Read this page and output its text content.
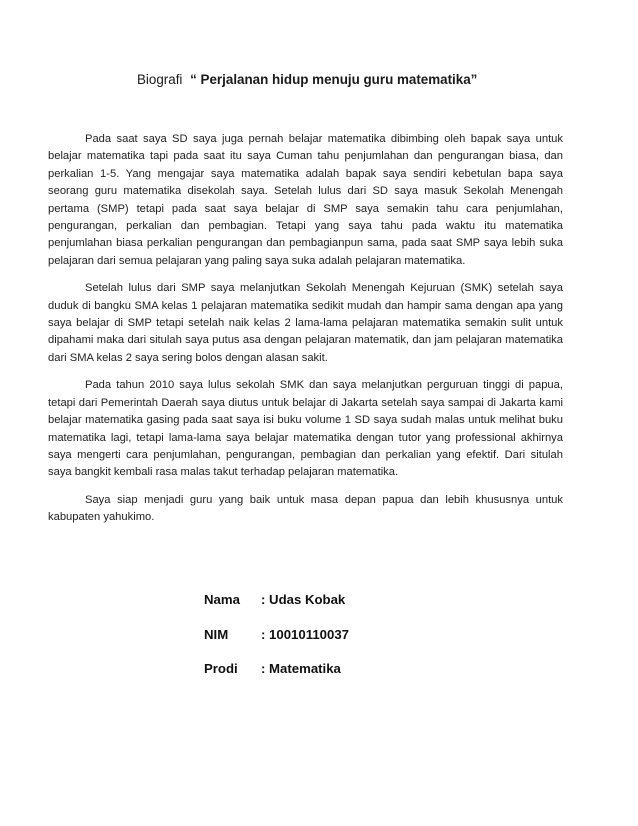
Biografi “ Perjalanan hidup menuju guru matematika”

Pada saat saya SD saya juga pernah belajar matematika dibimbing oleh bapak saya untuk belajar matematika tapi pada saat itu saya Cuman tahu penjumlahan dan pengurangan biasa, dan perkalian 1-5. Yang mengajar saya matematika adalah bapak saya sendiri kebetulan bapa saya seorang guru matematika disekolah saya. Setelah lulus dari SD saya masuk Sekolah Menengah pertama (SMP) tetapi pada saat saya belajar di SMP saya semakin tahu cara penjumlahan, pengurangan, perkalian dan pembagian. Tetapi yang saya tahu pada waktu itu matematika penjumlahan biasa perkalian pengurangan dan pembagianpun sama, pada saat SMP saya lebih suka pelajaran dari semua pelajaran yang paling saya suka adalah pelajaran matematika.

Setelah lulus dari SMP saya melanjutkan Sekolah Menengah Kejuruan (SMK) setelah saya duduk di bangku SMA kelas 1 pelajaran matematika sedikit mudah dan hampir sama dengan apa yang saya belajar di SMP tetapi setelah naik kelas 2 lama-lama pelajaran matematika semakin sulit untuk dipahami maka dari situlah saya putus asa dengan pelajaran matematik, dan jam pelajaran matematika dari SMA kelas 2 saya sering bolos dengan alasan sakit.

Pada tahun 2010 saya lulus sekolah SMK dan saya melanjutkan perguruan tinggi di papua, tetapi dari Pemerintah Daerah saya diutus untuk belajar di Jakarta setelah saya sampai di Jakarta kami belajar matematika gasing pada saat saya isi buku volume 1 SD saya sudah malas untuk melihat buku matematika lagi, tetapi lama-lama saya belajar matematika dengan tutor yang professional akhirnya saya mengerti cara penjumlahan, pengurangan, pembagian dan perkalian yang efektif. Dari situlah saya bangkit kembali rasa malas takut terhadap pelajaran matematika.

Saya siap menjadi guru yang baik untuk masa depan papua dan lebih khususnya untuk kabupaten yahukimo.

Nama	: Udas Kobak
NIM	: 10010110037
Prodi	: Matematika
